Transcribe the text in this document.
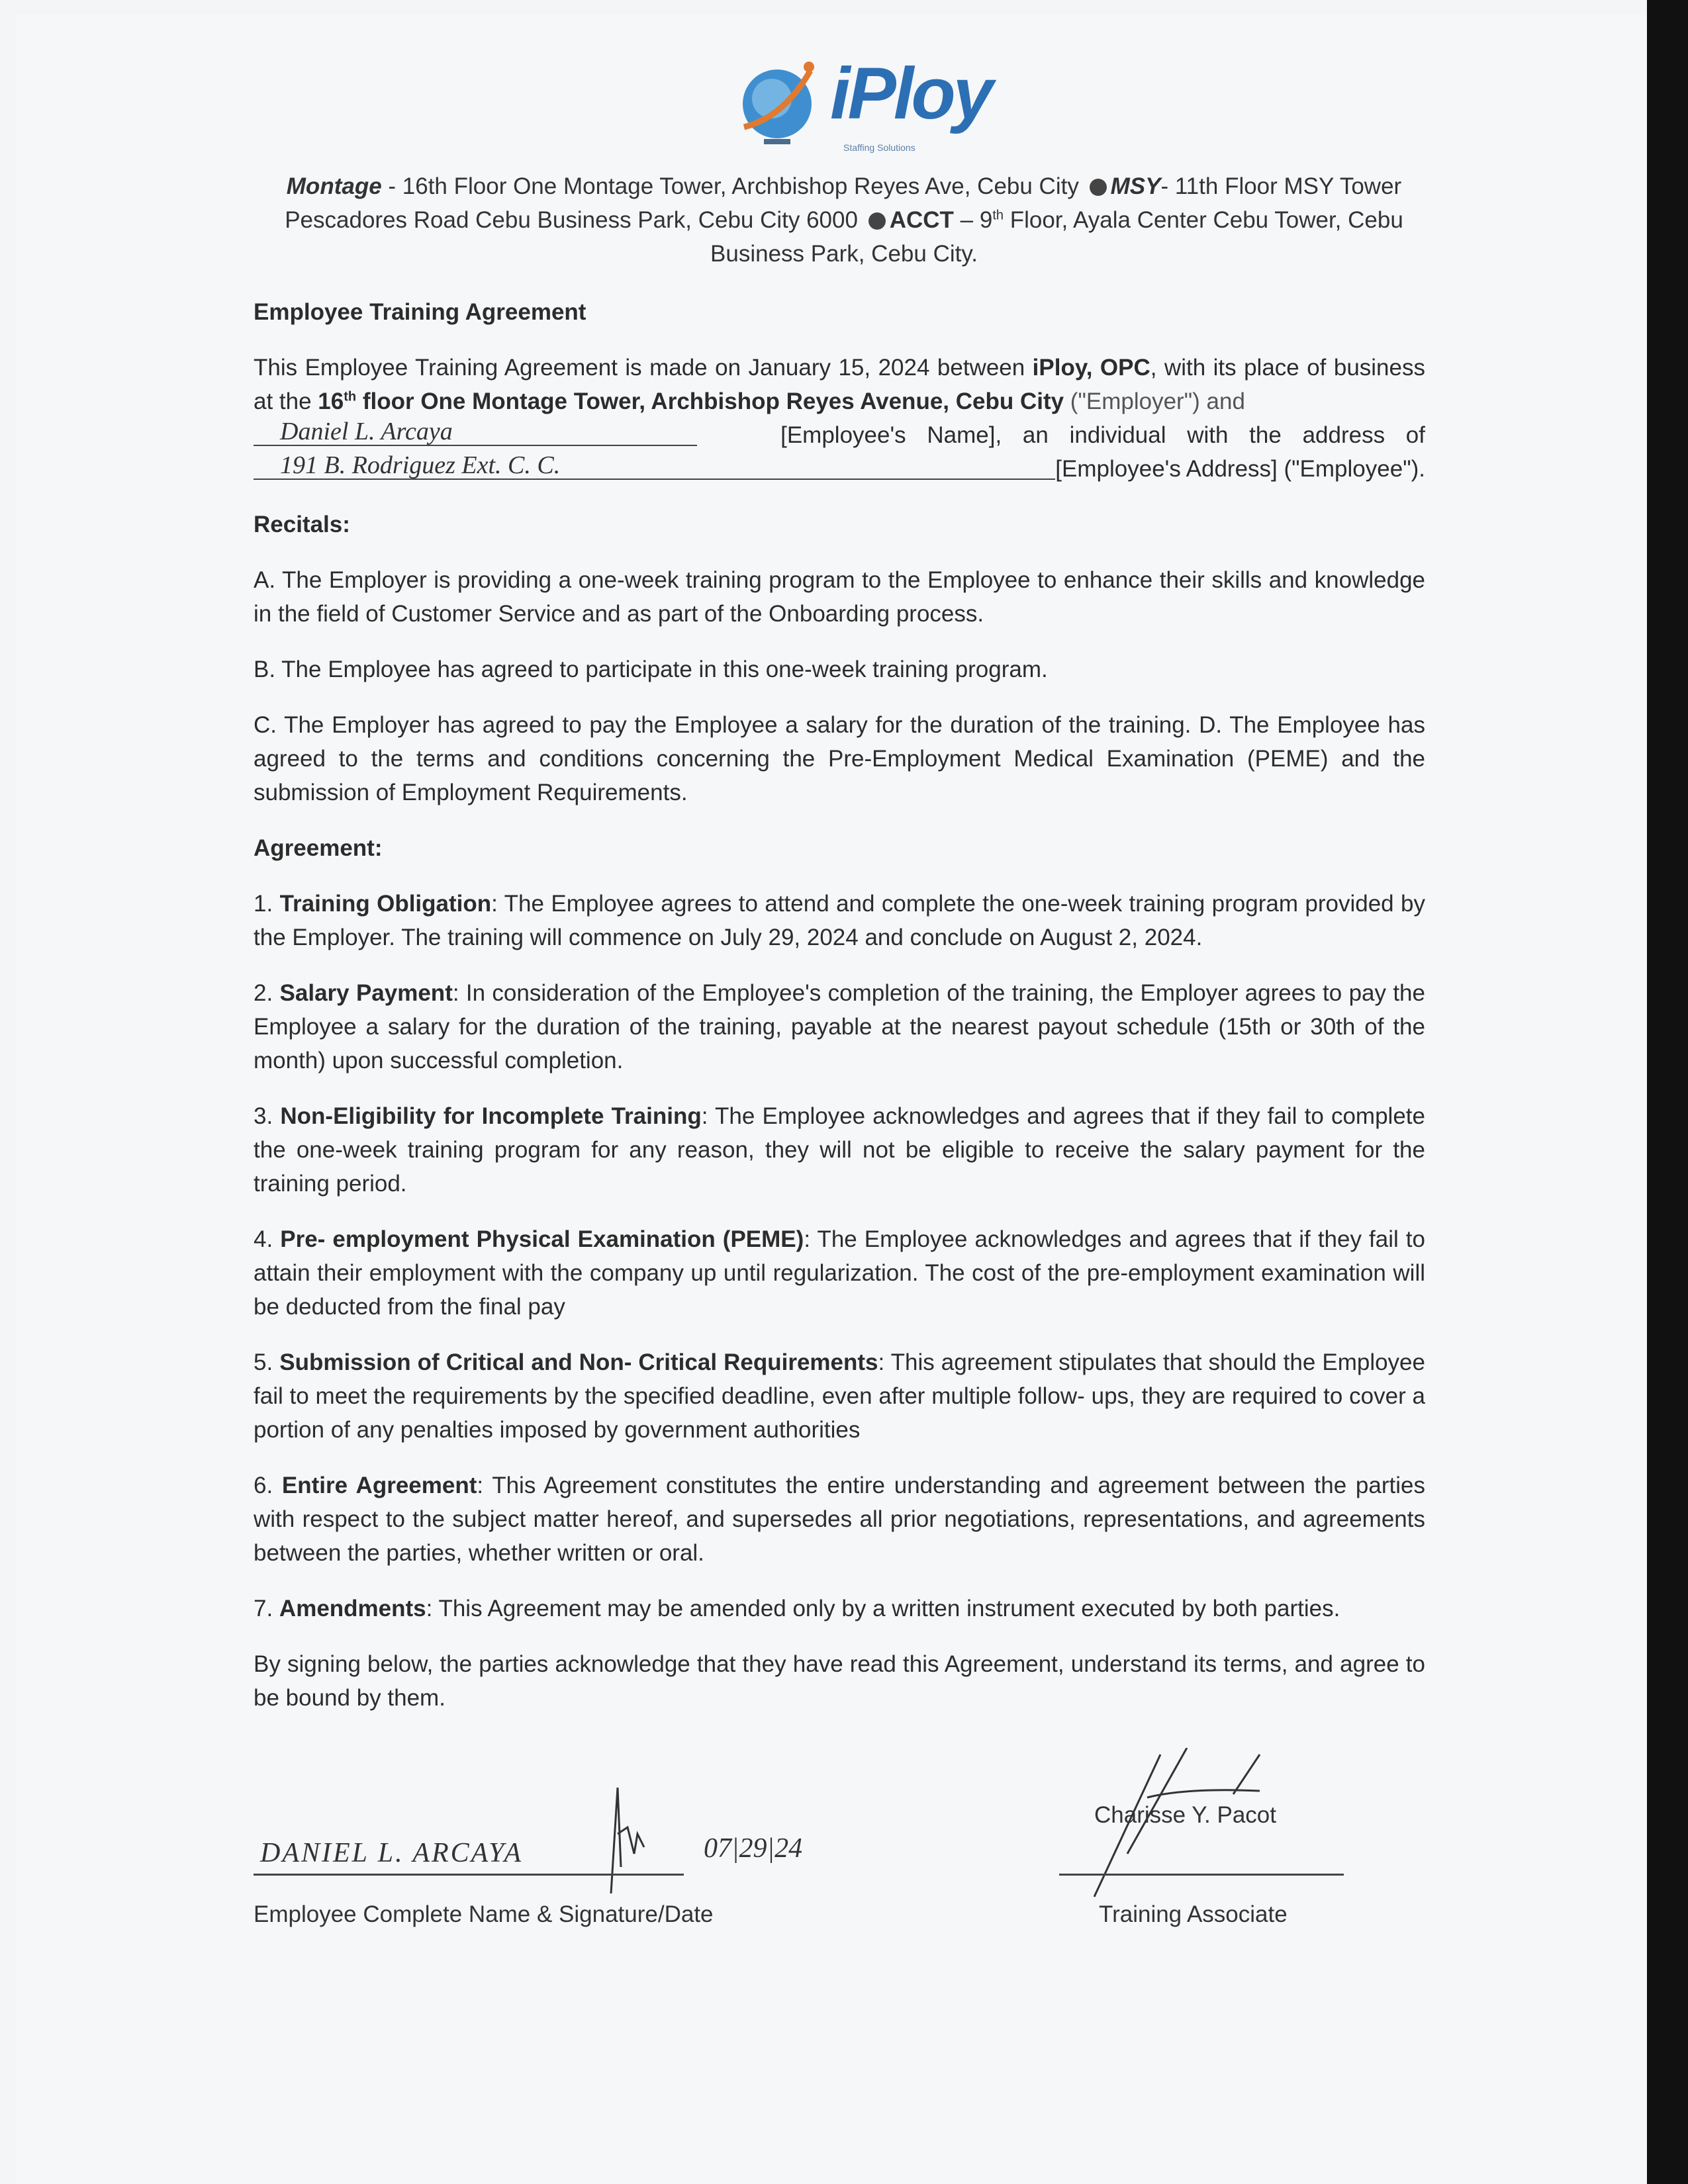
iPloy
Staffing Solutions
Montage - 16th Floor One Montage Tower, Archbishop Reyes Ave, Cebu City MSY- 11th Floor MSY Tower Pescadores Road Cebu Business Park, Cebu City 6000 ACCT – 9th Floor, Ayala Center Cebu Tower, Cebu Business Park, Cebu City.
Employee Training Agreement

This Employee Training Agreement is made on January 15, 2024 between iPloy, OPC, with its place of business at the 16th floor One Montage Tower, Archbishop Reyes Avenue, Cebu City ("Employer") and

Daniel L. Arcaya	[Employee's Name], an individual with the address of
191 B. Rodriguez Ext. C. C.	[Employee's Address] ("Employee").
Recitals:

A. The Employer is providing a one-week training program to the Employee to enhance their skills and knowledge in the field of Customer Service and as part of the Onboarding process.

B. The Employee has agreed to participate in this one-week training program.

C. The Employer has agreed to pay the Employee a salary for the duration of the training. D. The Employee has agreed to the terms and conditions concerning the Pre-Employment Medical Examination (PEME) and the submission of Employment Requirements.

Agreement:

1. Training Obligation: The Employee agrees to attend and complete the one-week training program provided by the Employer. The training will commence on July 29, 2024 and conclude on August 2, 2024.

2. Salary Payment: In consideration of the Employee's completion of the training, the Employer agrees to pay the Employee a salary for the duration of the training, payable at the nearest payout schedule (15th or 30th of the month) upon successful completion.

3. Non-Eligibility for Incomplete Training: The Employee acknowledges and agrees that if they fail to complete the one-week training program for any reason, they will not be eligible to receive the salary payment for the training period.

4. Pre- employment Physical Examination (PEME): The Employee acknowledges and agrees that if they fail to attain their employment with the company up until regularization. The cost of the pre-employment examination will be deducted from the final pay

5. Submission of Critical and Non- Critical Requirements: This agreement stipulates that should the Employee fail to meet the requirements by the specified deadline, even after multiple follow- ups, they are required to cover a portion of any penalties imposed by government authorities

6. Entire Agreement: This Agreement constitutes the entire understanding and agreement between the parties with respect to the subject matter hereof, and supersedes all prior negotiations, representations, and agreements between the parties, whether written or oral.

7. Amendments: This Agreement may be amended only by a written instrument executed by both parties.

By signing below, the parties acknowledge that they have read this Agreement, understand its terms, and agree to be bound by them.

DANIEL L. ARCAYA	07|29|24
Employee Complete Name & Signature/Date
Charisse Y. Pacot
Training Associate
